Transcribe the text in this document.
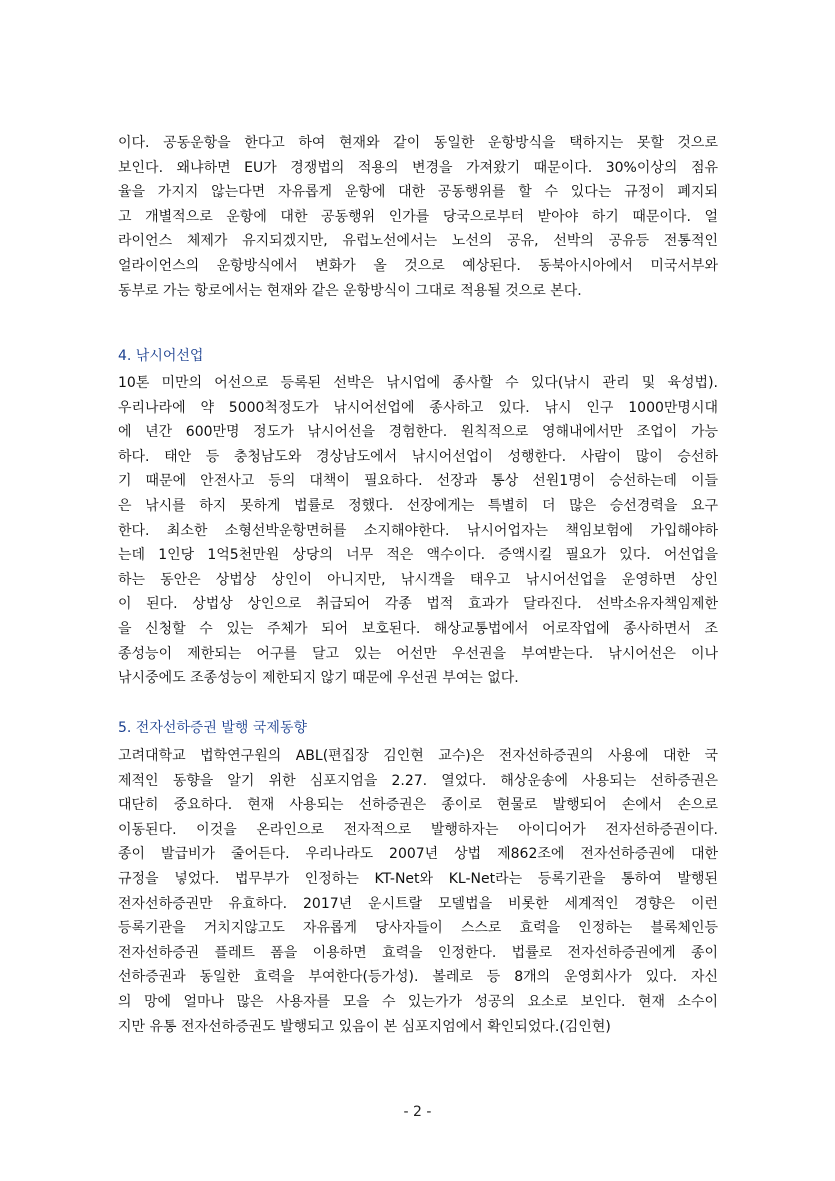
이다. 공동운항을 한다고 하여 현재와 같이 동일한 운항방식을 택하지는 못할 것으로
보인다. 왜냐하면 EU가 경쟁법의 적용의 변경을 가져왔기 때문이다. 30%이상의 점유
율을 가지지 않는다면 자유롭게 운항에 대한 공동행위를 할 수 있다는 규정이 폐지되
고 개별적으로 운항에 대한 공동행위 인가를 당국으로부터 받아야 하기 때문이다. 얼
라이언스 체제가 유지되겠지만, 유럽노선에서는 노선의 공유, 선박의 공유등 전통적인
얼라이언스의 운항방식에서 변화가 올 것으로 예상된다. 동북아시아에서 미국서부와
동부로 가는 항로에서는 현재와 같은 운항방식이 그대로 적용될 것으로 본다.
4. 낚시어선업
10톤 미만의 어선으로 등록된 선박은 낚시업에 종사할 수 있다(낚시 관리 및 육성법).
우리나라에 약 5000척정도가 낚시어선업에 종사하고 있다. 낚시 인구 1000만명시대
에 년간 600만명 정도가 낚시어선을 경험한다. 원칙적으로 영해내에서만 조업이 가능
하다. 태안 등 충청남도와 경상남도에서 낚시어선업이 성행한다. 사람이 많이 승선하
기 때문에 안전사고 등의 대책이 필요하다. 선장과 통상 선원1명이 승선하는데 이들
은 낚시를 하지 못하게 법률로 정했다. 선장에게는 특별히 더 많은 승선경력을 요구
한다. 최소한 소형선박운항면허를 소지해야한다. 낚시어업자는 책임보험에 가입해야하
는데 1인당 1억5천만원 상당의 너무 적은 액수이다. 증액시킬 필요가 있다. 어선업을
하는 동안은 상법상 상인이 아니지만, 낚시객을 태우고 낚시어선업을 운영하면 상인
이 된다. 상법상 상인으로 취급되어 각종 법적 효과가 달라진다. 선박소유자책임제한
을 신청할 수 있는 주체가 되어 보호된다. 해상교통법에서 어로작업에 종사하면서 조
종성능이 제한되는 어구를 달고 있는 어선만 우선권을 부여받는다. 낚시어선은 이나
낚시중에도 조종성능이 제한되지 않기 때문에 우선권 부여는 없다.
5. 전자선하증권 발행 국제동향
고려대학교 법학연구원의 ABL(편집장 김인현 교수)은 전자선하증권의 사용에 대한 국
제적인 동향을 알기 위한 심포지엄을 2.27. 열었다. 해상운송에 사용되는 선하증권은
대단히 중요하다. 현재 사용되는 선하증권은 종이로 현물로 발행되어 손에서 손으로
이동된다. 이것을 온라인으로 전자적으로 발행하자는 아이디어가 전자선하증권이다.
종이 발급비가 줄어든다. 우리나라도 2007년 상법 제862조에 전자선하증권에 대한
규정을 넣었다. 법무부가 인정하는 KT-Net와 KL-Net라는 등록기관을 통하여 발행된
전자선하증권만 유효하다. 2017년 운시트랄 모델법을 비롯한 세계적인 경향은 이런
등록기관을 거치지않고도 자유롭게 당사자들이 스스로 효력을 인정하는 블록체인등
전자선하증권 플레트 폼을 이용하면 효력을 인정한다. 법률로 전자선하증권에게 종이
선하증권과 동일한 효력을 부여한다(등가성). 볼레로 등 8개의 운영회사가 있다. 자신
의 망에 얼마나 많은 사용자를 모을 수 있는가가 성공의 요소로 보인다. 현재 소수이
지만 유통 전자선하증권도 발행되고 있음이 본 심포지엄에서 확인되었다.(김인현)
- 2 -
